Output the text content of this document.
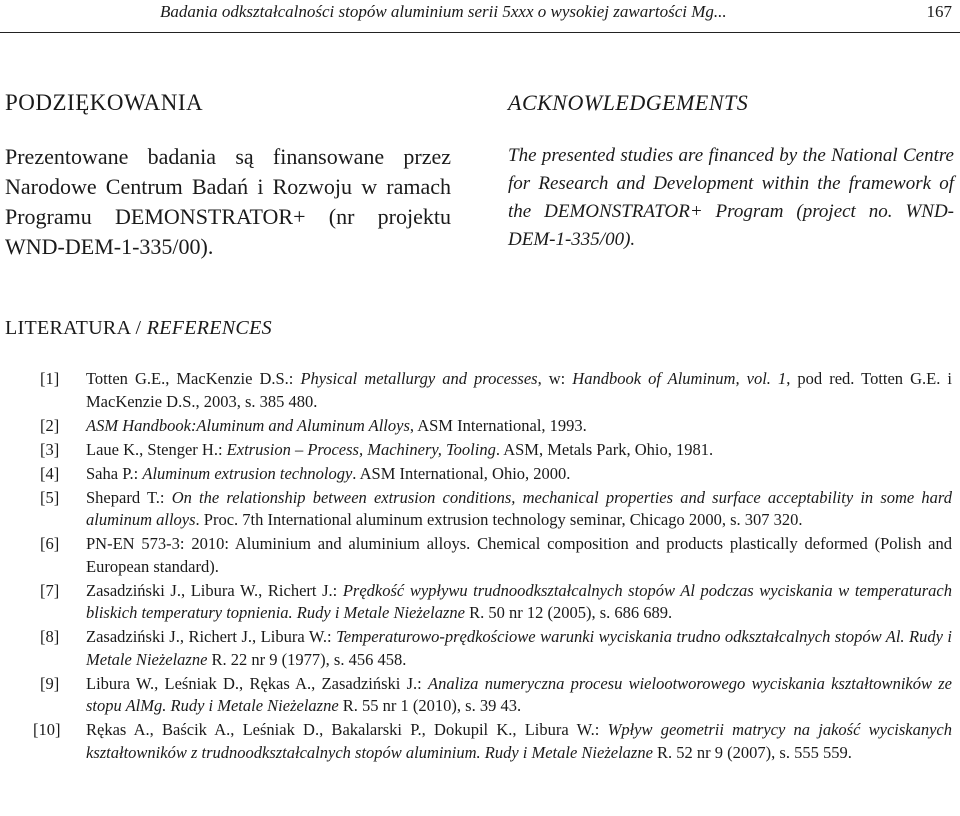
Badania odkształcalności stopów aluminium serii 5xxx o wysokiej zawartości Mg...	167
PODZIĘKOWANIA

Prezentowane badania są finansowane przez Narodowe Centrum Badań i Rozwoju w ramach Programu DEMONSTRATOR+ (nr projektu WND-DEM-1-335/00).

ACKNOWLEDGEMENTS

The presented studies are financed by the National Centre for Research and Development within the framework of the DEMONSTRATOR+ Program (project no. WND-DEM-1-335/00).

LITERATURA / REFERENCES
[1] Totten G.E., MacKenzie D.S.: Physical metallurgy and processes, w: Handbook of Aluminum, vol. 1, pod red. Totten G.E. i MacKenzie D.S., 2003, s. 385 480.
[2] ASM Handbook:Aluminum and Aluminum Alloys, ASM International, 1993.
[3] Laue K., Stenger H.: Extrusion – Process, Machinery, Tooling. ASM, Metals Park, Ohio, 1981.
[4] Saha P.: Aluminum extrusion technology. ASM International, Ohio, 2000.
[5] Shepard T.: On the relationship between extrusion conditions, mechanical properties and surface acceptability in some hard aluminum alloys. Proc. 7th International aluminum extrusion technology seminar, Chicago 2000, s. 307 320.
[6] PN-EN 573-3: 2010: Aluminium and aluminium alloys. Chemical composition and products plastically deformed (Polish and European standard).
[7] Zasadziński J., Libura W., Richert J.: Prędkość wypływu trudnoodkształcalnych stopów Al podczas wyciskania w temperaturach bliskich temperatury topnienia. Rudy i Metale Nieżelazne R. 50 nr 12 (2005), s. 686 689.
[8] Zasadziński J., Richert J., Libura W.: Temperaturowo-prędkościowe warunki wyciskania trudno odkształcalnych stopów Al. Rudy i Metale Nieżelazne R. 22 nr 9 (1977), s. 456 458.
[9] Libura W., Leśniak D., Rękas A., Zasadziński J.: Analiza numeryczna procesu wielootworowego wyciskania kształtowników ze stopu AlMg. Rudy i Metale Nieżelazne R. 55 nr 1 (2010), s. 39 43.
[10] Rękas A., Baścik A., Leśniak D., Bakalarski P., Dokupil K., Libura W.: Wpływ geometrii matrycy na jakość wyciskanych kształtowników z trudnoodkształcalnych stopów aluminium. Rudy i Metale Nieżelazne R. 52 nr 9 (2007), s. 555 559.
